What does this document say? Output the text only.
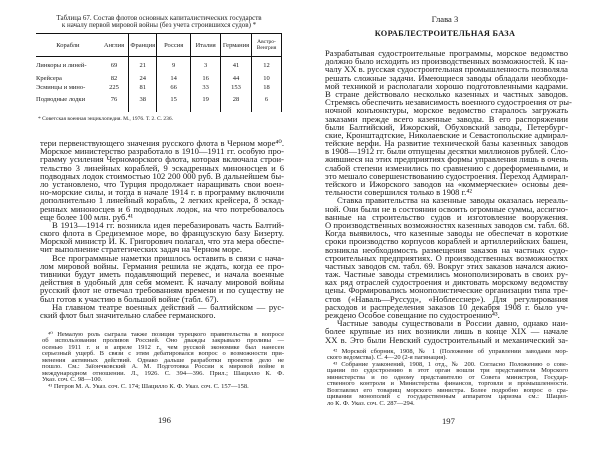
Таблица 67. Состав флотов основных капиталистических государств
к началу первой мировой войны (без учета строившихся судов) *
Корабли	Англия	Франция	Россия	Италия	Германия	Австро-Венгрия
Линкоры и линей-	69	21	9	3	41	12
Крейсера	82	24	14	16	44	10
Эсминцы и мино-	225	81	66	33	153	18
Подводные лодки	76	38	15	19	28	6
* Советская военная энциклопедия. М., 1976. Т. 2. С. 236.
тери первенствующего значения русского флота в Черном море⁴⁰.
Морское министерство разработало в 1910—1911 гг. особую про-
грамму усиления Черноморского флота, которая включала строи-
тельство 3 линейных кораблей, 9 эскадренных миноносцев и 6
подводных лодок стоимостью 102 200 000 руб. В дальнейшем бы-
ло установлено, что Турция продолжает наращивать свои воен-
но-морские силы, и тогда в начале 1914 г. в программу включили
дополнительно 1 линейный корабль, 2 легких крейсера, 8 эскад-
ренных миноносцев и 6 подводных лодок, на что потребовалось
еще более 100 млн. руб.⁴¹
В 1913—1914 гг. возникла идея перебазировать часть Балтий-
ского флота в Средиземное море, во французскую базу Бизерту.
Морской министр И. К. Григорович полагал, что эта мера обеспе-
чит выполнение стратегических задач на Черном море.
Все программные наметки пришлось оставить в связи с нача-
лом мировой войны. Германия решила не ждать, когда ее про-
тивники будут иметь подавляющий перевес, и начала военные
действия в удобный для себя момент. К началу мировой войны
русский флот не отвечал требованиям времени и по существу не
был готов к участию в большой войне (табл. 67).
На главном театре военных действий — балтийском — рус-
ский флот был значительно слабее германского.
⁴⁰ Немалую роль сыграла также позиция турецкого правительства в вопросе
об использовании проливов Россией. Оно дважды закрывало проливы —
осенью 1911 г. и в апреле 1912 г., чем русской экономике был нанесен
серьезный ущерб. В связи с этим дебатировался вопрос о возможности при-
менения активных действий. Однако дальше разработки проектов дело не
пошло. См.: Заїончковский А. М. Подготовка России к мировой войне в
международном отношении. Л., 1926. С. 394—396. Прил.; Шацилло К. Ф.
Указ. соч. С. 98—100.
⁴¹ Петров М. А. Указ. соч. С. 174; Шацилло К. Ф. Указ. соч. С. 157—158.
196
Глава 3
КОРАБЛЕСТРОИТЕЛЬНАЯ БАЗА
Разрабатывая судостроительные программы, морское ведомство
должно было исходить из производственных возможностей. К на-
чалу XX в. русская судостроительная промышленность позволяла
решать сложные задачи. Имеющиеся заводы обладали необходи-
мой техникой и располагали хорошо подготовленными кадрами.
В стране действовало несколько казенных и частных заводов.
Стремясь обеспечить независимость военного судостроения от ры-
ночной конъюнктуры, морское ведомство старалось загружать
заказами прежде всего казенные заводы. В его распоряжении
были Балтийский, Ижорский, Обуховский заводы, Петербург-
ские, Кронштадтские, Николаевские и Севастопольские адмирал-
тейские верфи. На развитие технической базы казенных заводов
в 1908—1912 гг. были отпущены десятки миллионов рублей. Сло-
жившиеся на этих предприятиях формы управления лишь в очень
слабой степени изменились по сравнению с дореформенными, и
это мешало совершенствованию судостроения. Переход Адмирал-
тейского и Ижорского заводов на «коммерческие» основы дея-
тельности совершился только в 1908 г.⁴²
Ставка правительства на казенные заводы оказалась нереаль-
ной. Они были не в состоянии освоить огромные суммы, ассигно-
ванные на строительство судов и изготовление вооружения.
О производственных возможностях казенных заводов см. табл. 68.
Когда выявилось, что казенные заводы не обеспечат в короткие
сроки производство корпусов кораблей и артиллерийских башен,
возникла необходимость размещения заказов на частных судо-
строительных предприятиях. О производственных возможностях
частных заводов см. табл. 69. Вокруг этих заказов начался ажио-
таж. Частные заводы стремились монополизировать в своих ру-
ках ряд отраслей судостроения и диктовать морскому ведомству
цены. Формировались монополистические организации типа тре-
стов («Наваль—Руссуд», «Ноблесснер»). Для регулирования
расходов и распределения заказов 10 декабря 1908 г. было уч-
реждено Особое совещание по судостроению⁴³.
Частные заводы существовали в России давно, однако наи-
более крупные из них возникли лишь в конце XIX — начале
XX в. Это были Невский судостроительный и механический за-
⁴² Морской сборник, 1908, № 1 (Положение об управлении заводами мор-
ского ведомства). С. 4—20 (2-я пагинация).
⁴³ Собрание узаконений, 1908, 1 отд., № 200. Согласно Положению о сове-
щании по судостроению в этот орган вошли три представителя Морского
министерства и по одному представителю от Совета министров, Государ-
ственного контроля и Министерства финансов, торговли и промышленности.
Возглавлял его товарищ морского министра. Более подробно вопрос о сра-
щивании монополий с государственным аппаратом царизма см.: Шацил-
ло К. Ф. Указ. соч. С. 287—294.
197
